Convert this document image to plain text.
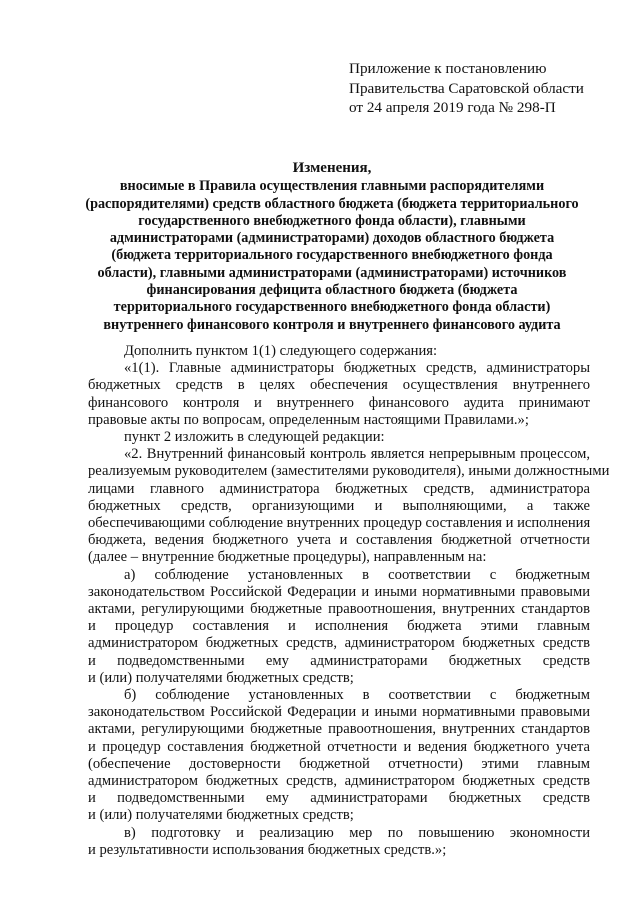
Приложение к постановлению
Правительства Саратовской области
от 24 апреля 2019 года № 298-П
Изменения,
вносимые в Правила осуществления главными распорядителями
(распорядителями) средств областного бюджета (бюджета территориального
государственного внебюджетного фонда области), главными
администраторами (администраторами) доходов областного бюджета
(бюджета территориального государственного внебюджетного фонда
области), главными администраторами (администраторами) источников
финансирования дефицита областного бюджета (бюджета
территориального государственного внебюджетного фонда области)
внутреннего финансового контроля и внутреннего финансового аудита

Дополнить пунктом 1(1) следующего содержания:

«1(1). Главные администраторы бюджетных средств, администраторы
бюджетных средств в целях обеспечения осуществления внутреннего
финансового контроля и внутреннего финансового аудита принимают
правовые акты по вопросам, определенным настоящими Правилами.»;

пункт 2 изложить в следующей редакции:

«2. Внутренний финансовый контроль является непрерывным процессом,
реализуемым руководителем (заместителями руководителя), иными должностными
лицами главного администратора бюджетных средств, администратора
бюджетных средств, организующими и выполняющими, а также
обеспечивающими соблюдение внутренних процедур составления и исполнения
бюджета, ведения бюджетного учета и составления бюджетной отчетности
(далее – внутренние бюджетные процедуры), направленным на:

а) соблюдение установленных в соответствии с бюджетным
законодательством Российской Федерации и иными нормативными правовыми
актами, регулирующими бюджетные правоотношения, внутренних стандартов
и процедур составления и исполнения бюджета этими главным
администратором бюджетных средств, администратором бюджетных средств
и подведомственными ему администраторами бюджетных средств
и (или) получателями бюджетных средств;

б) соблюдение установленных в соответствии с бюджетным
законодательством Российской Федерации и иными нормативными правовыми
актами, регулирующими бюджетные правоотношения, внутренних стандартов
и процедур составления бюджетной отчетности и ведения бюджетного учета
(обеспечение достоверности бюджетной отчетности) этими главным
администратором бюджетных средств, администратором бюджетных средств
и подведомственными ему администраторами бюджетных средств
и (или) получателями бюджетных средств;

в) подготовку и реализацию мер по повышению экономности
и результативности использования бюджетных средств.»;
